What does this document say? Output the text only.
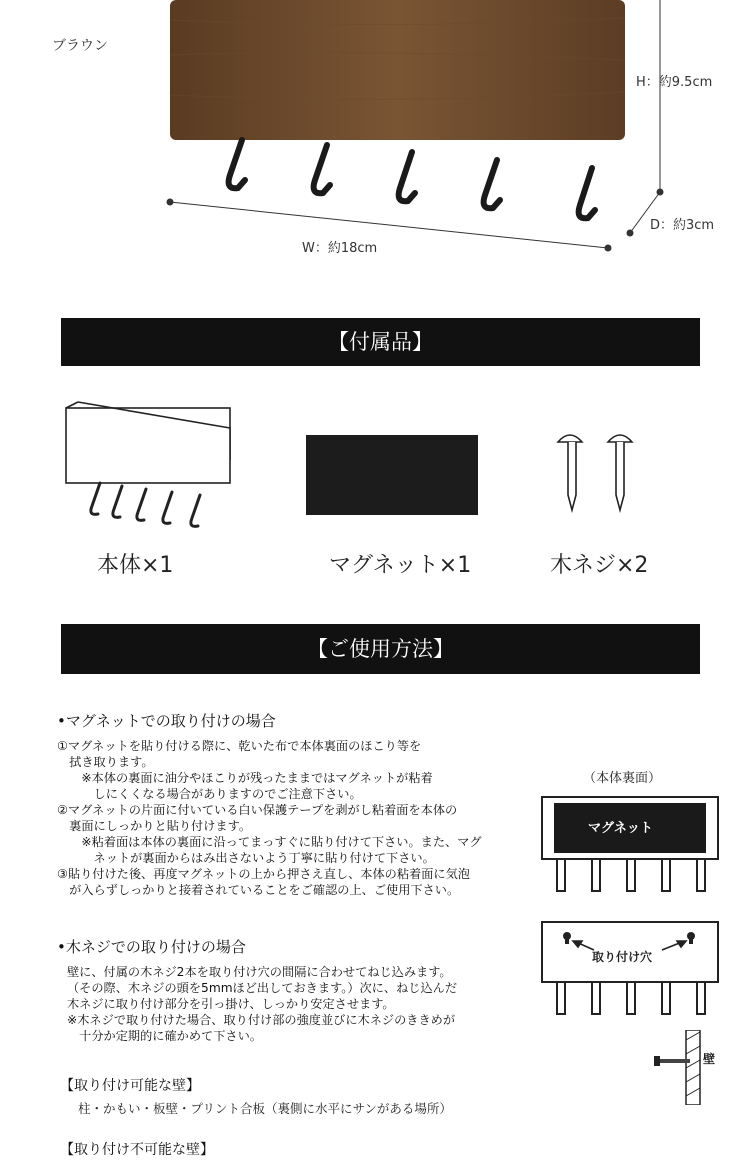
ブラウン
H：約9.5cm
D：約3cm
W：約18cm
【付属品】
本体×1	マグネット×1	木ネジ×2
【ご使用方法】
•マグネットでの取り付けの場合
①マグネットを貼り付ける際に、乾いた布で本体裏面のほこり等を
　拭き取ります。
　　※本体の裏面に油分やほこりが残ったままではマグネットが粘着
　　　しにくくなる場合がありますのでご注意下さい。
②マグネットの片面に付いている白い保護テープを剥がし粘着面を本体の
　裏面にしっかりと貼り付けます。
　　※粘着面は本体の裏面に沿ってまっすぐに貼り付けて下さい。また、マグ
　　　ネットが裏面からはみ出さないよう丁寧に貼り付けて下さい。
③貼り付けた後、再度マグネットの上から押さえ直し、本体の粘着面に気泡
　が入らずしっかりと接着されていることをご確認の上、ご使用下さい。
•木ネジでの取り付けの場合
壁に、付属の木ネジ2本を取り付け穴の間隔に合わせてねじ込みます。
（その際、木ネジの頭を5mmほど出しておきます。）次に、ねじ込んだ
木ネジに取り付け部分を引っ掛け、しっかり安定させます。
※木ネジで取り付けた場合、取り付け部の強度並びに木ネジのききめが
　十分か定期的に確かめて下さい。
【取り付け可能な壁】
柱・かもい・板壁・プリント合板（裏側に水平にサンがある場所）
【取り付け不可能な壁】
（本体裏面）
マグネット
取り付け穴
壁
